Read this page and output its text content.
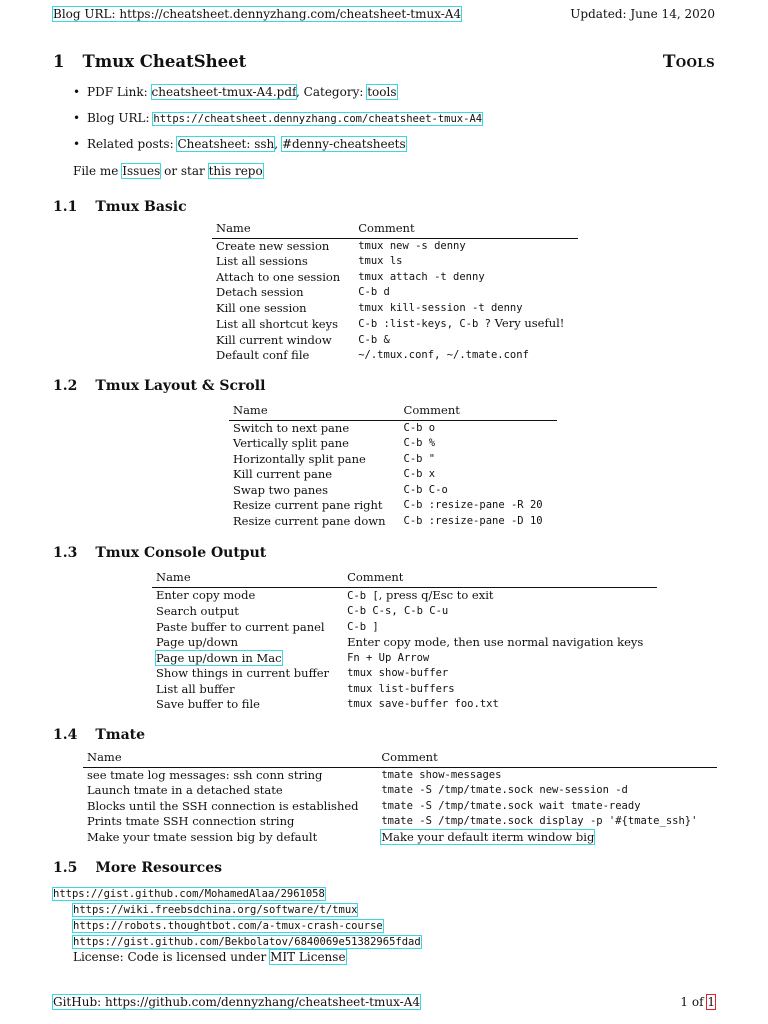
Blog URL: https://cheatsheet.dennyzhang.com/cheatsheet-tmux-A4	Updated: June 14, 2020
1 Tmux CheatSheet	Tools
• PDF Link: cheatsheet-tmux-A4.pdf, Category: tools
• Blog URL: https://cheatsheet.dennyzhang.com/cheatsheet-tmux-A4
• Related posts: Cheatsheet: ssh, #denny-cheatsheets
File me Issues or star this repo
1.1 Tmux Basic
Name	Comment
Create new session	tmux new -s denny
List all sessions	tmux ls
Attach to one session	tmux attach -t denny
Detach session	C-b d
Kill one session	tmux kill-session -t denny
List all shortcut keys	C-b :list-keys, C-b ? Very useful!
Kill current window	C-b &
Default conf file	~/.tmux.conf, ~/.tmate.conf
1.2 Tmux Layout & Scroll
Name	Comment
Switch to next pane	C-b o
Vertically split pane	C-b %
Horizontally split pane	C-b "
Kill current pane	C-b x
Swap two panes	C-b C-o
Resize current pane right	C-b :resize-pane -R 20
Resize current pane down	C-b :resize-pane -D 10
1.3 Tmux Console Output
Name	Comment
Enter copy mode	C-b [, press q/Esc to exit
Search output	C-b C-s, C-b C-u
Paste buffer to current panel	C-b ]
Page up/down	Enter copy mode, then use normal navigation keys
Page up/down in Mac	Fn + Up Arrow
Show things in current buffer	tmux show-buffer
List all buffer	tmux list-buffers
Save buffer to file	tmux save-buffer foo.txt
1.4 Tmate
Name	Comment
see tmate log messages: ssh conn string	tmate show-messages
Launch tmate in a detached state	tmate -S /tmp/tmate.sock new-session -d
Blocks until the SSH connection is established	tmate -S /tmp/tmate.sock wait tmate-ready
Prints tmate SSH connection string	tmate -S /tmp/tmate.sock display -p '#{tmate_ssh}'
Make your tmate session big by default	Make your default iterm window big
1.5 More Resources
https://gist.github.com/MohamedAlaa/2961058
https://wiki.freebsdchina.org/software/t/tmux
https://robots.thoughtbot.com/a-tmux-crash-course
https://gist.github.com/Bekbolatov/6840069e51382965fdad
License: Code is licensed under MIT License
GitHub: https://github.com/dennyzhang/cheatsheet-tmux-A4	1 of 1
